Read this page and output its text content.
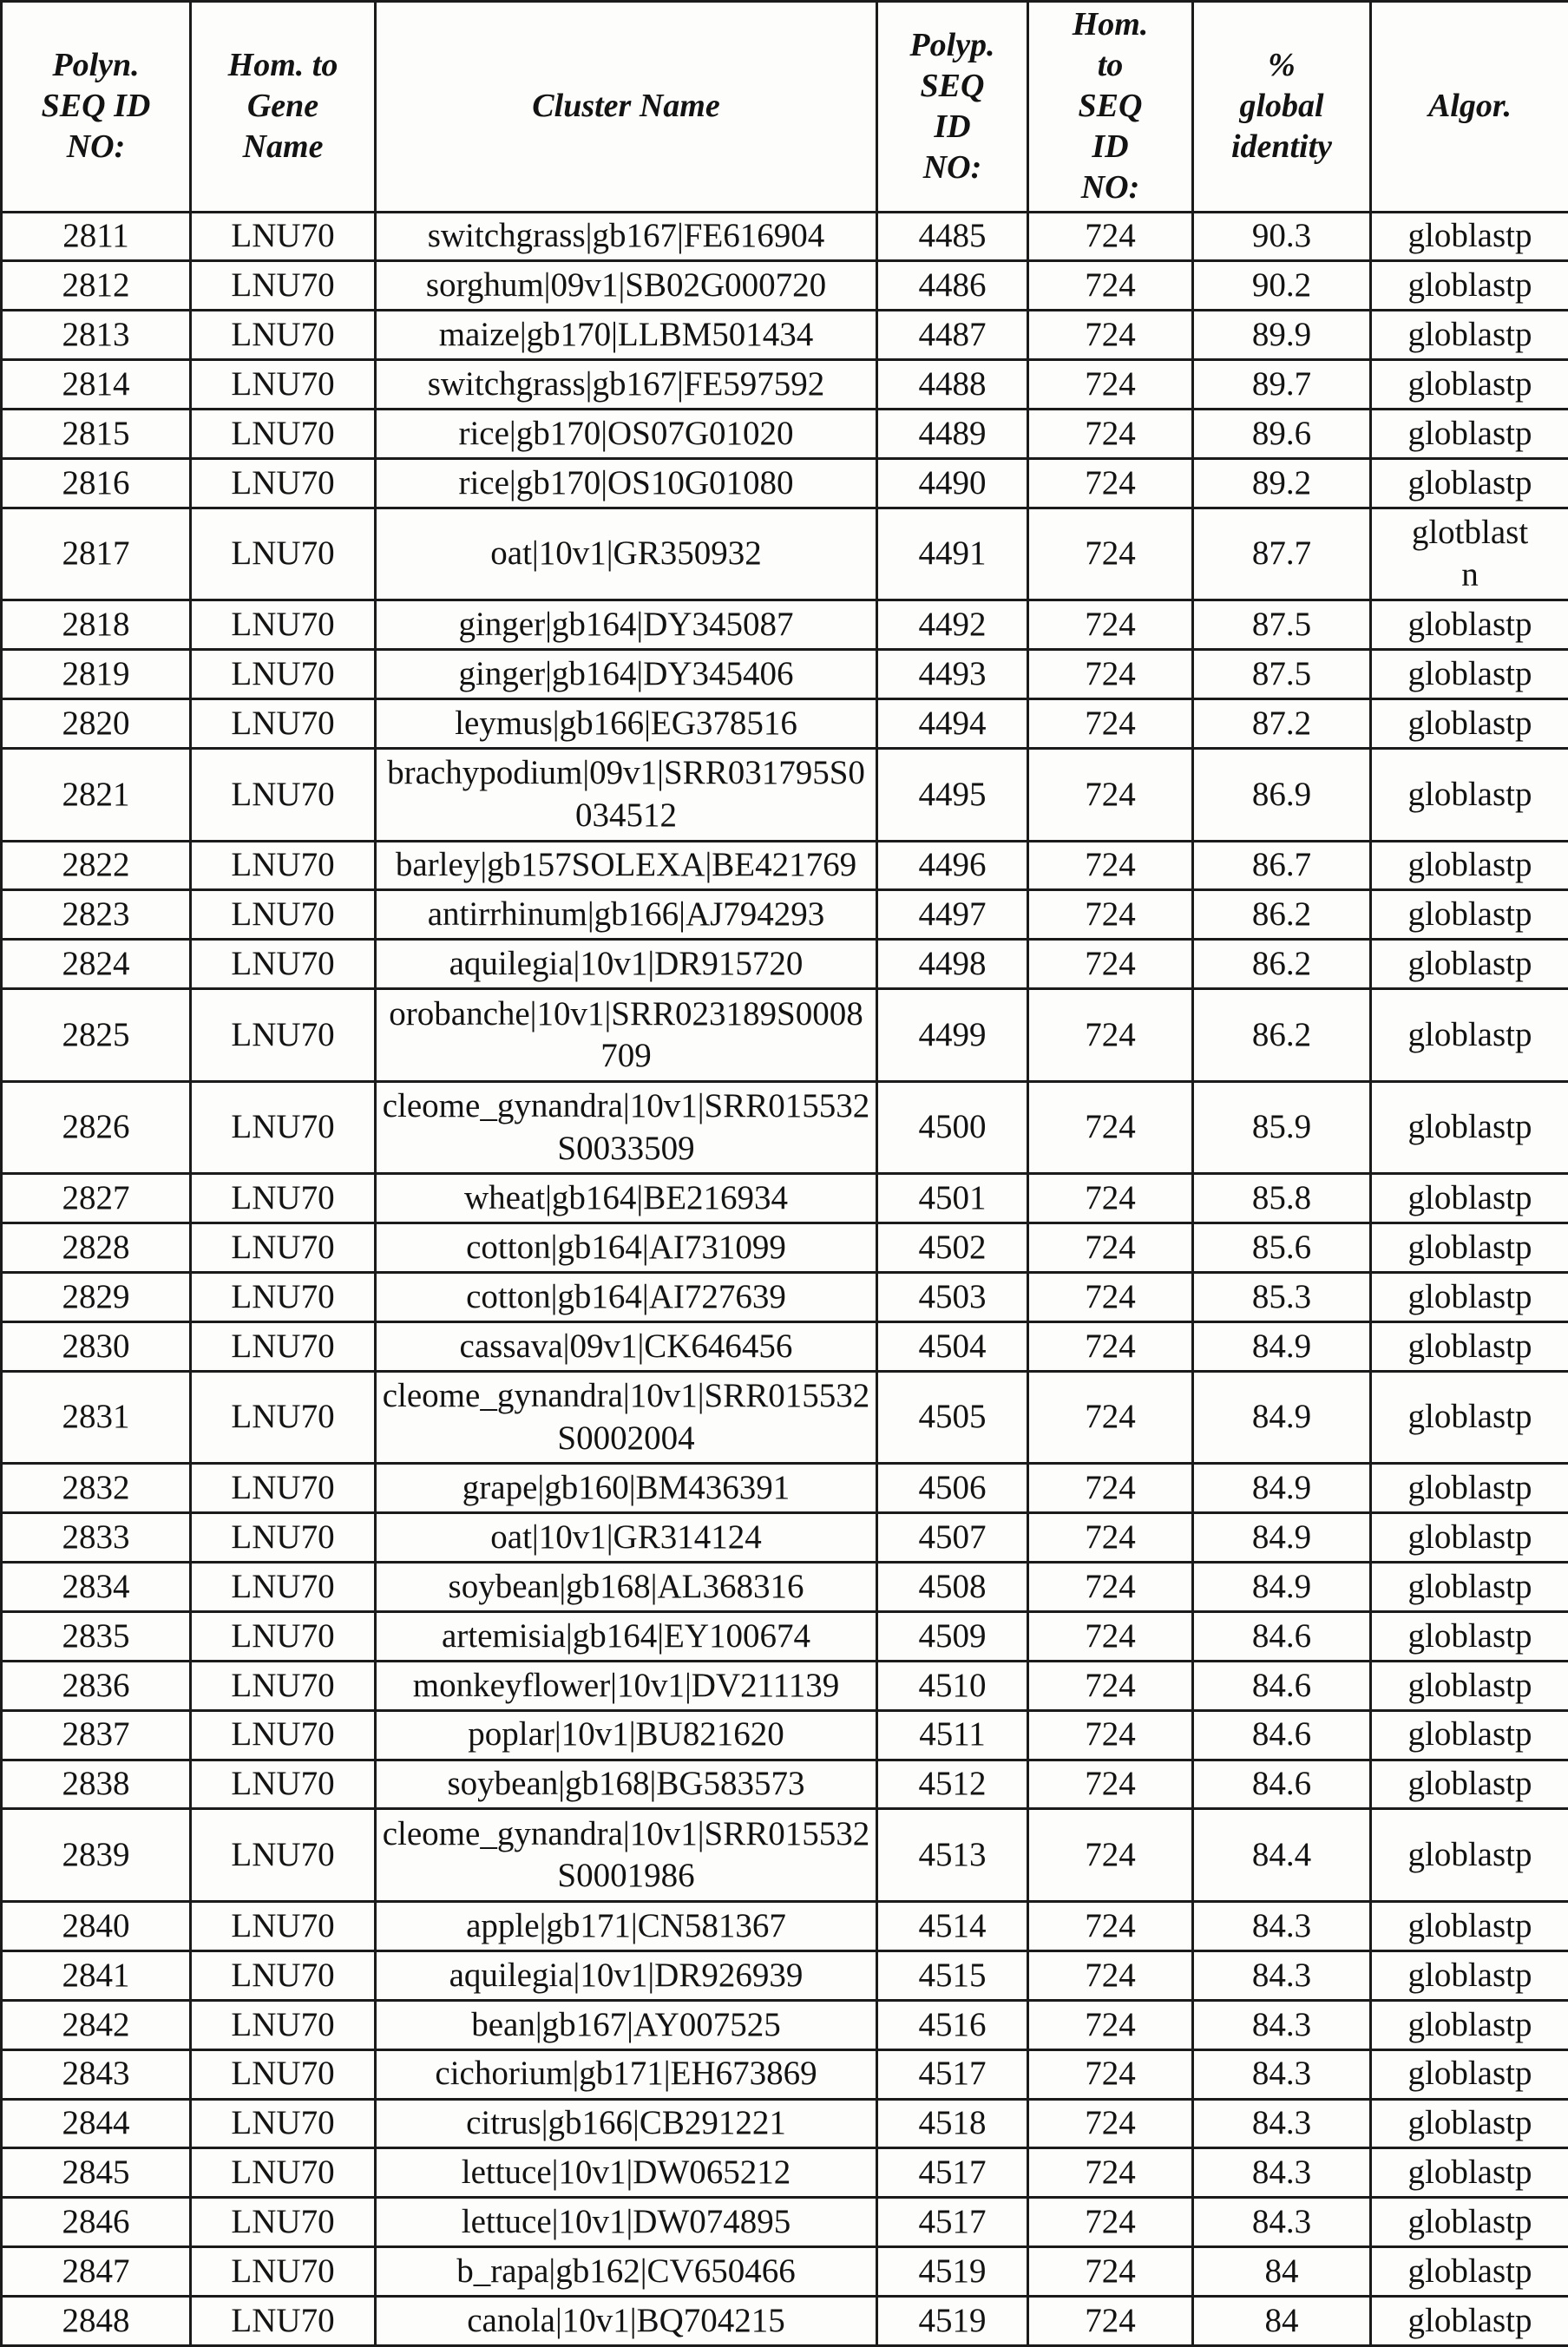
Polyn.
SEQ ID
NO:	Hom. to
Gene
Name	Cluster Name	Polyp.
SEQ
ID
NO:	Hom.
to
SEQ
ID
NO:	%
global
identity	Algor.
2811	LNU70	switchgrass|gb167|FE616904	4485	724	90.3	globlastp
2812	LNU70	sorghum|09v1|SB02G000720	4486	724	90.2	globlastp
2813	LNU70	maize|gb170|LLBM501434	4487	724	89.9	globlastp
2814	LNU70	switchgrass|gb167|FE597592	4488	724	89.7	globlastp
2815	LNU70	rice|gb170|OS07G01020	4489	724	89.6	globlastp
2816	LNU70	rice|gb170|OS10G01080	4490	724	89.2	globlastp
2817	LNU70	oat|10v1|GR350932	4491	724	87.7	glotblast
n
2818	LNU70	ginger|gb164|DY345087	4492	724	87.5	globlastp
2819	LNU70	ginger|gb164|DY345406	4493	724	87.5	globlastp
2820	LNU70	leymus|gb166|EG378516	4494	724	87.2	globlastp
2821	LNU70	brachypodium|09v1|SRR031795S0034512	4495	724	86.9	globlastp
2822	LNU70	barley|gb157SOLEXA|BE421769	4496	724	86.7	globlastp
2823	LNU70	antirrhinum|gb166|AJ794293	4497	724	86.2	globlastp
2824	LNU70	aquilegia|10v1|DR915720	4498	724	86.2	globlastp
2825	LNU70	orobanche|10v1|SRR023189S0008709	4499	724	86.2	globlastp
2826	LNU70	cleome_gynandra|10v1|SRR015532S0033509	4500	724	85.9	globlastp
2827	LNU70	wheat|gb164|BE216934	4501	724	85.8	globlastp
2828	LNU70	cotton|gb164|AI731099	4502	724	85.6	globlastp
2829	LNU70	cotton|gb164|AI727639	4503	724	85.3	globlastp
2830	LNU70	cassava|09v1|CK646456	4504	724	84.9	globlastp
2831	LNU70	cleome_gynandra|10v1|SRR015532S0002004	4505	724	84.9	globlastp
2832	LNU70	grape|gb160|BM436391	4506	724	84.9	globlastp
2833	LNU70	oat|10v1|GR314124	4507	724	84.9	globlastp
2834	LNU70	soybean|gb168|AL368316	4508	724	84.9	globlastp
2835	LNU70	artemisia|gb164|EY100674	4509	724	84.6	globlastp
2836	LNU70	monkeyflower|10v1|DV211139	4510	724	84.6	globlastp
2837	LNU70	poplar|10v1|BU821620	4511	724	84.6	globlastp
2838	LNU70	soybean|gb168|BG583573	4512	724	84.6	globlastp
2839	LNU70	cleome_gynandra|10v1|SRR015532S0001986	4513	724	84.4	globlastp
2840	LNU70	apple|gb171|CN581367	4514	724	84.3	globlastp
2841	LNU70	aquilegia|10v1|DR926939	4515	724	84.3	globlastp
2842	LNU70	bean|gb167|AY007525	4516	724	84.3	globlastp
2843	LNU70	cichorium|gb171|EH673869	4517	724	84.3	globlastp
2844	LNU70	citrus|gb166|CB291221	4518	724	84.3	globlastp
2845	LNU70	lettuce|10v1|DW065212	4517	724	84.3	globlastp
2846	LNU70	lettuce|10v1|DW074895	4517	724	84.3	globlastp
2847	LNU70	b_rapa|gb162|CV650466	4519	724	84	globlastp
2848	LNU70	canola|10v1|BQ704215	4519	724	84	globlastp
